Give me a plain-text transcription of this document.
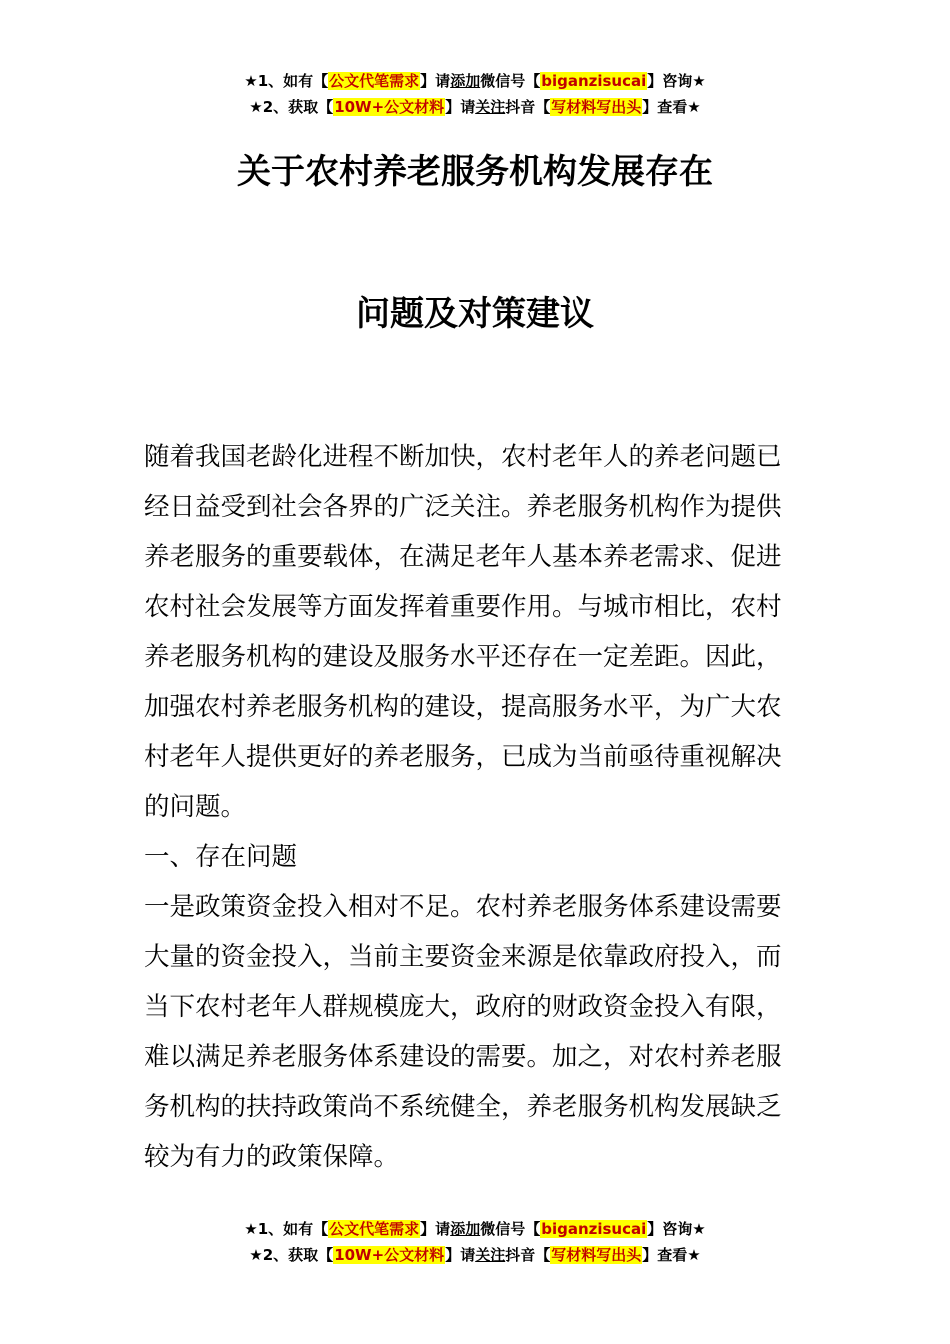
★1、如有【公文代笔需求】请添加微信号【biganzisucai】咨询★
★2、获取【10W+公文材料】请关注抖音【写材料写出头】查看★
关于农村养老服务机构发展存在
问题及对策建议

随着我国老龄化进程不断加快，农村老年人的养老问题已经日益受到社会各界的广泛关注。养老服务机构作为提供养老服务的重要载体，在满足老年人基本养老需求、促进农村社会发展等方面发挥着重要作用。与城市相比，农村养老服务机构的建设及服务水平还存在一定差距。因此，加强农村养老服务机构的建设，提高服务水平，为广大农村老年人提供更好的养老服务，已成为当前亟待重视解决的问题。

一、存在问题

一是政策资金投入相对不足。农村养老服务体系建设需要大量的资金投入，当前主要资金来源是依靠政府投入，而当下农村老年人群规模庞大，政府的财政资金投入有限，难以满足养老服务体系建设的需要。加之，对农村养老服务机构的扶持政策尚不系统健全，养老服务机构发展缺乏较为有力的政策保障。

★1、如有【公文代笔需求】请添加微信号【biganzisucai】咨询★
★2、获取【10W+公文材料】请关注抖音【写材料写出头】查看★
